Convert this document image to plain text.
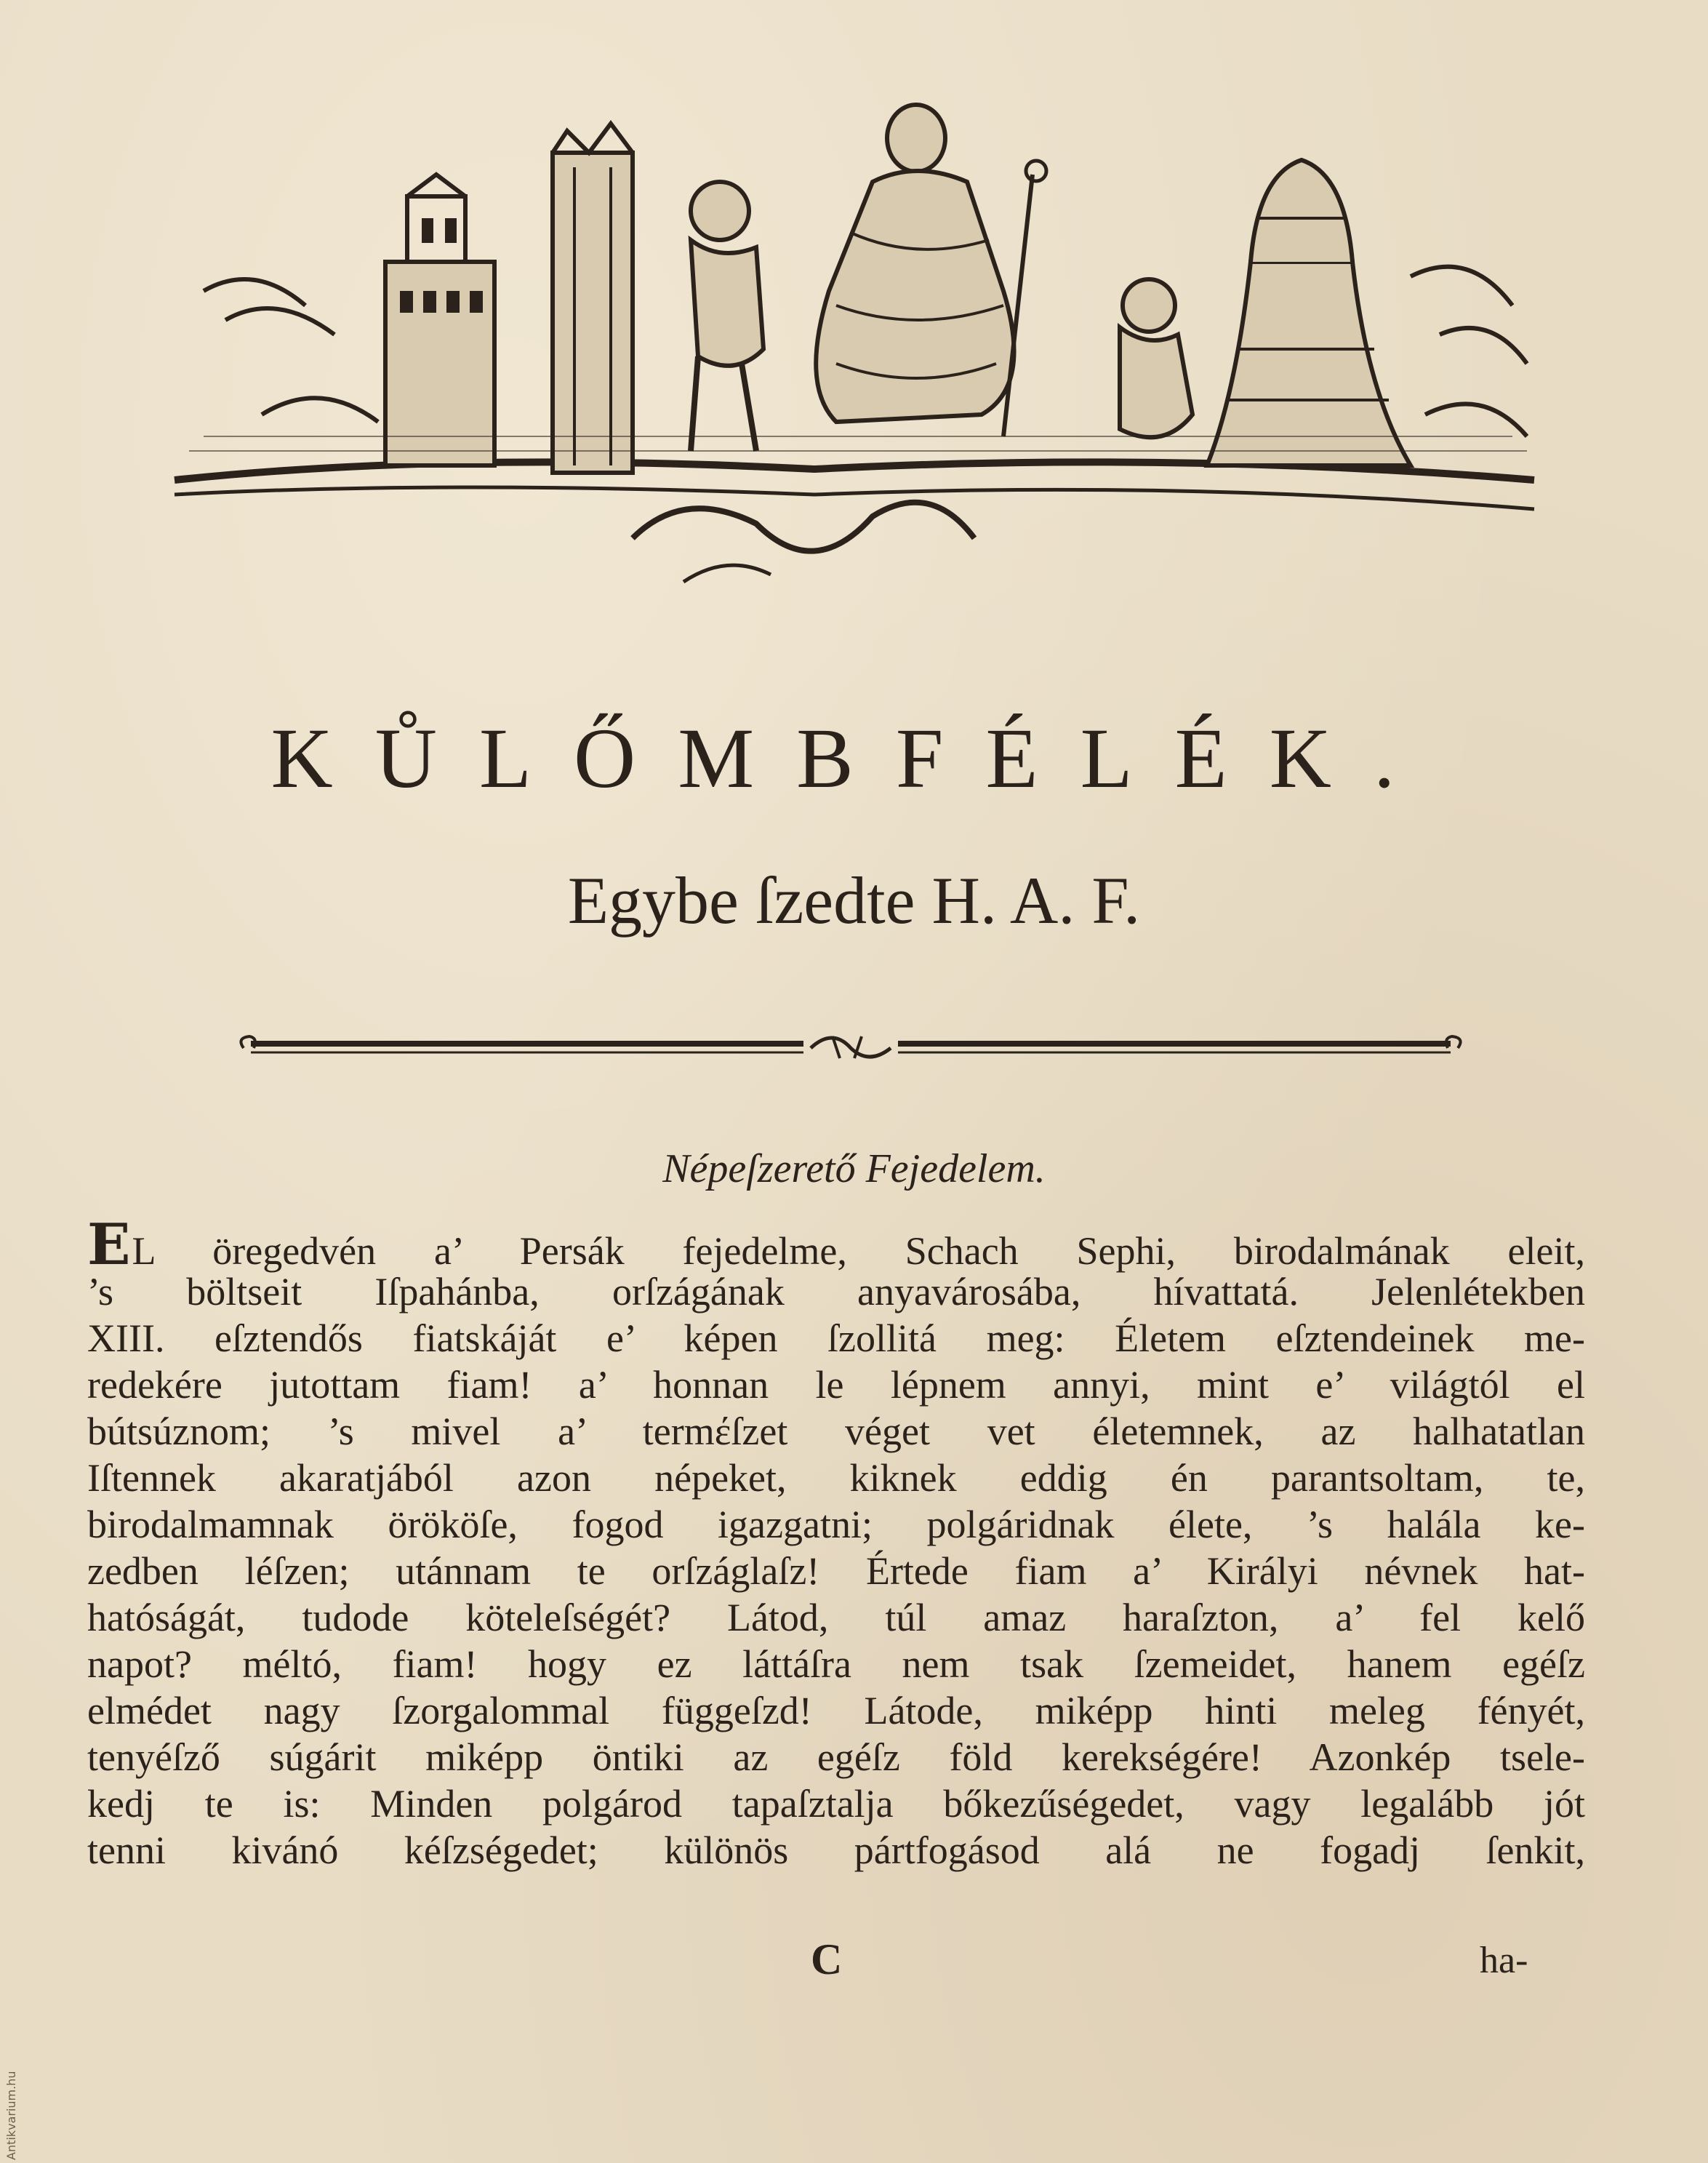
KŮLŐMBFÉLÉK.
Egybe ſzedte H. A. F.
Népeſzerető Fejedelem.
EL öregedvén a’ Persák fejedelme, Schach Sephi, birodalmának eleit,
’s böltseit Iſpahánba, orſzágának anyavárosába, hívattatá. Jelenlétekben
XIII. eſztendős fiatskáját e’ képen ſzollitá meg: Életem eſztendeinek me-
redekére jutottam fiam! a’ honnan le lépnem annyi, mint e’ világtól el
bútsúznom; ’s mivel a’ termέſzet véget vet életemnek, az halhatatlan
Iſtennek akaratjából azon népeket, kiknek eddig én parantsoltam, te,
birodalmamnak örököſe, fogod igazgatni; polgáridnak élete, ’s halála ke-
zedben léſzen; utánnam te orſzáglaſz! Értede fiam a’ Királyi névnek hat-
hatóságát, tudode köteleſségét? Látod, túl amaz haraſzton, a’ fel kelő
napot? méltó, fiam! hogy ez láttáſra nem tsak ſzemeidet, hanem egéſz
elmédet nagy ſzorgalommal függeſzd! Látode, miképp hinti meleg fényét,
tenyéſző súgárit miképp öntiki az egéſz föld kerekségére! Azonkép tsele-
kedj te is: Minden polgárod tapaſztalja bőkezűségedet, vagy legalább jót
tenni kivánó kéſzségedet; különös pártfogásod alá ne fogadj ſenkit,
C	ha-
Antikvarium.hu
